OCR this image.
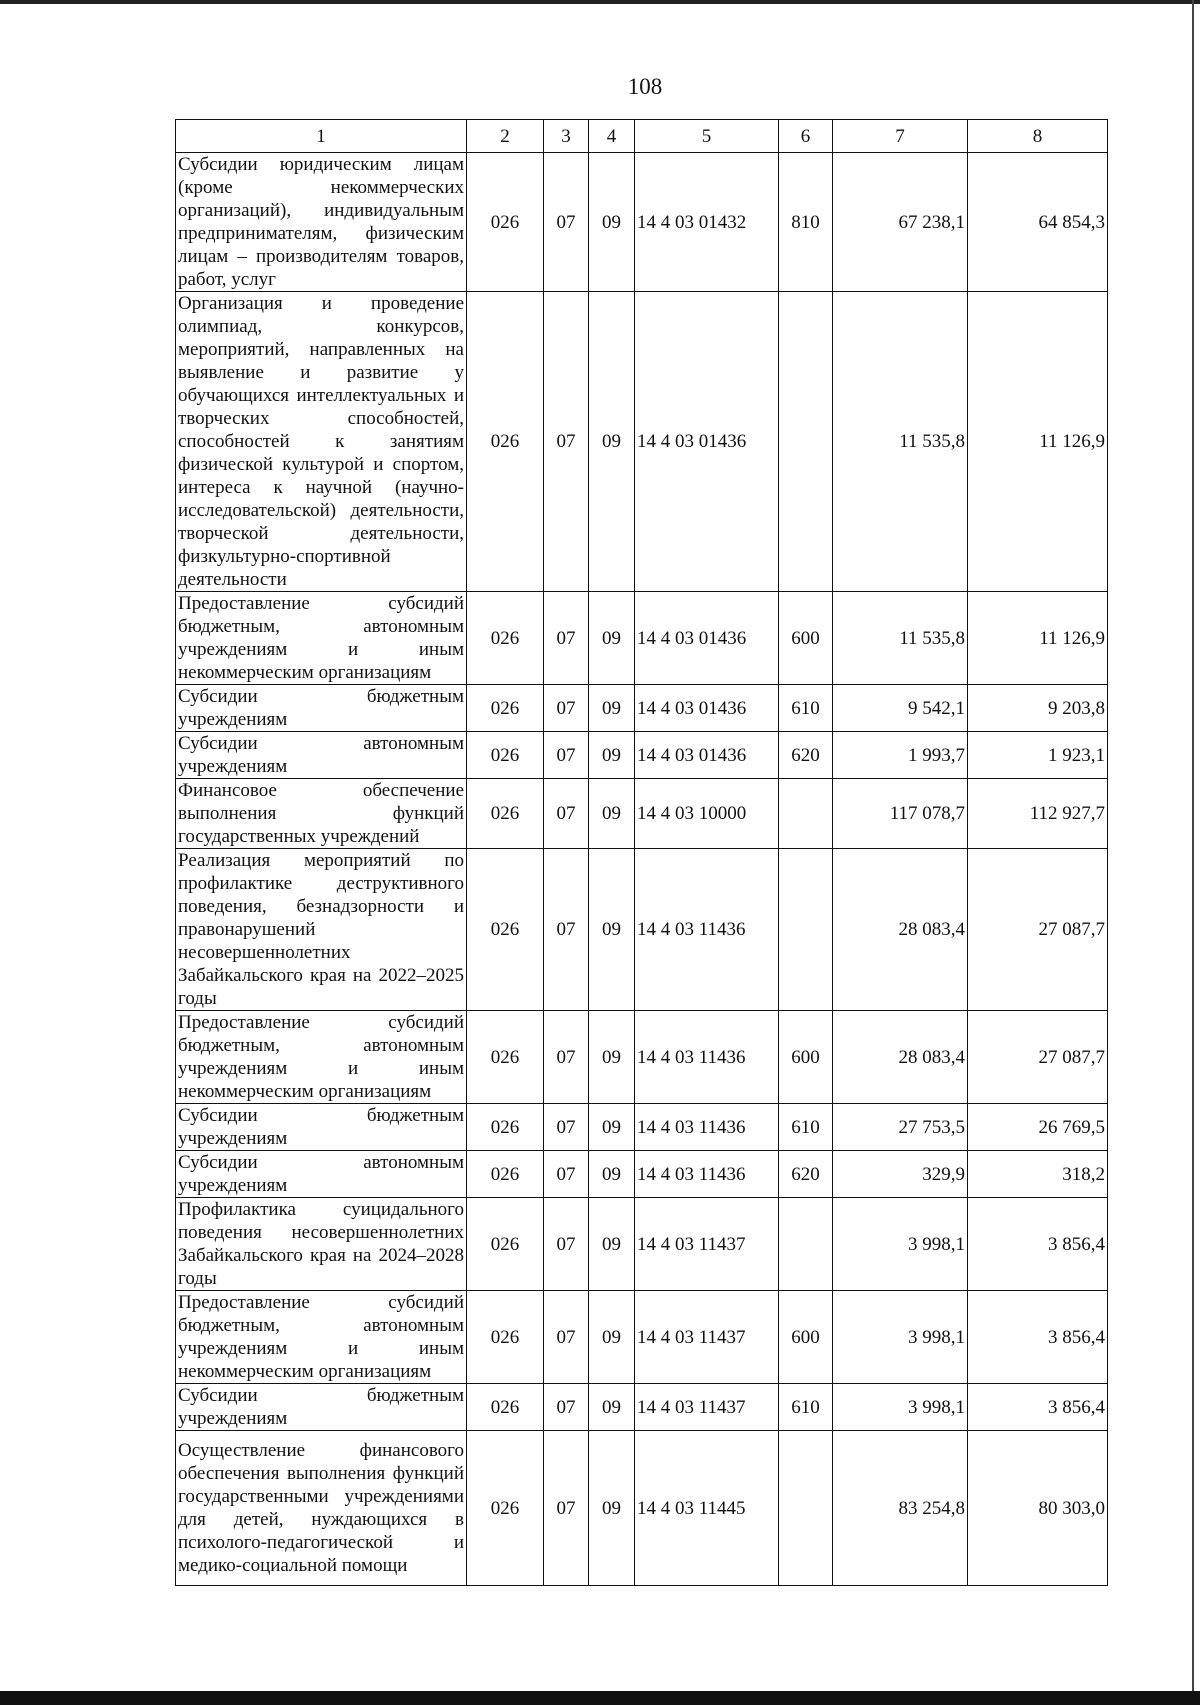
108
1	2	3	4	5	6	7	8
Субсидии юридическим лицам (кроме некоммерческих организаций), индивидуальным предпринимателям, физическим лицам – производителям товаров, работ, услуг	026	07	09	14 4 03 01432	810	67 238,1	64 854,3
Организация и проведение олимпиад, конкурсов, мероприятий, направленных на выявление и развитие у обучающихся интеллектуальных и творческих способностей, способностей к занятиям физической культурой и спортом, интереса к научной (научно-исследовательской) деятельности, творческой деятельности, физкультурно-спортивной деятельности	026	07	09	14 4 03 01436		11 535,8	11 126,9
Предоставление субсидий бюджетным, автономным учреждениям и иным некоммерческим организациям	026	07	09	14 4 03 01436	600	11 535,8	11 126,9
Субсидии бюджетным учреждениям	026	07	09	14 4 03 01436	610	9 542,1	9 203,8
Субсидии автономным учреждениям	026	07	09	14 4 03 01436	620	1 993,7	1 923,1
Финансовое обеспечение выполнения функций государственных учреждений	026	07	09	14 4 03 10000		117 078,7	112 927,7
Реализация мероприятий по профилактике деструктивного поведения, безнадзорности и правонарушений несовершеннолетних Забайкальского края на 2022–2025 годы	026	07	09	14 4 03 11436		28 083,4	27 087,7
Предоставление субсидий бюджетным, автономным учреждениям и иным некоммерческим организациям	026	07	09	14 4 03 11436	600	28 083,4	27 087,7
Субсидии бюджетным учреждениям	026	07	09	14 4 03 11436	610	27 753,5	26 769,5
Субсидии автономным учреждениям	026	07	09	14 4 03 11436	620	329,9	318,2
Профилактика суицидального поведения несовершеннолетних Забайкальского края на 2024–2028 годы	026	07	09	14 4 03 11437		3 998,1	3 856,4
Предоставление субсидий бюджетным, автономным учреждениям и иным некоммерческим организациям	026	07	09	14 4 03 11437	600	3 998,1	3 856,4
Субсидии бюджетным учреждениям	026	07	09	14 4 03 11437	610	3 998,1	3 856,4
Осуществление финансового обеспечения выполнения функций государственными учреждениями для детей, нуждающихся в психолого-педагогической и медико-социальной помощи	026	07	09	14 4 03 11445		83 254,8	80 303,0
